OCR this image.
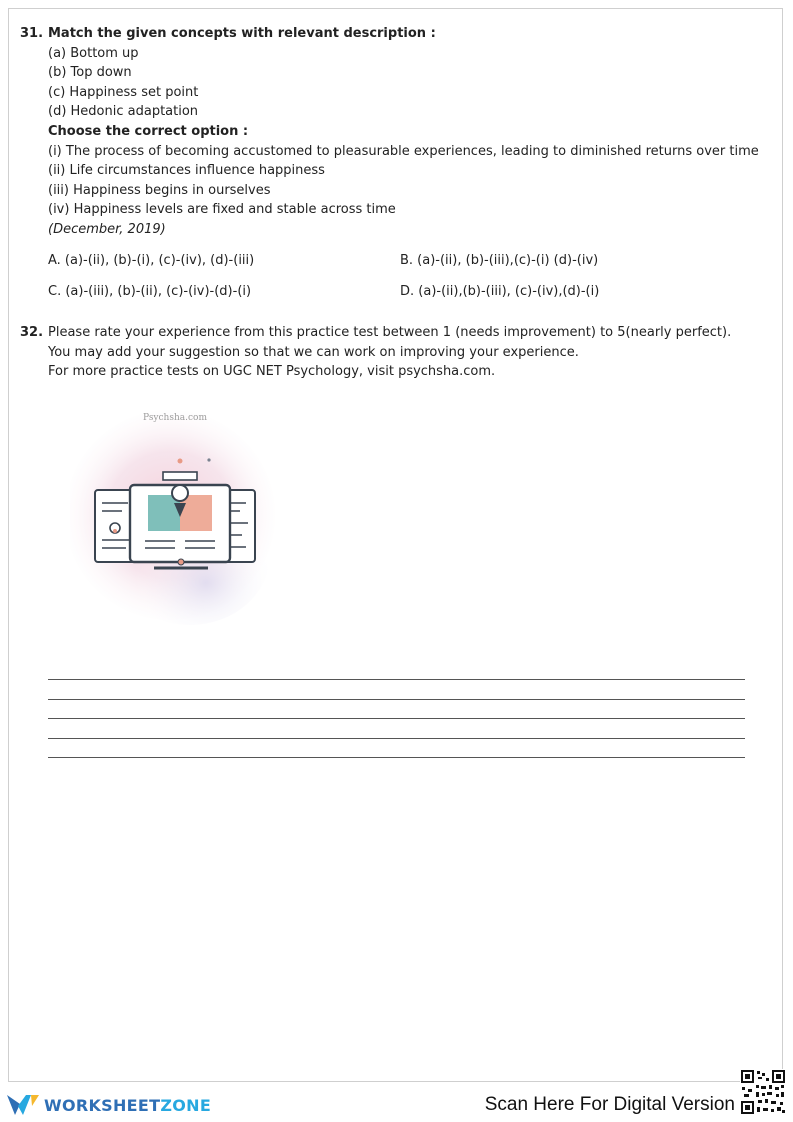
31. Match the given concepts with relevant description :
(a) Bottom up
(b) Top down
(c) Happiness set point
(d) Hedonic adaptation
Choose the correct option :
(i) The process of becoming accustomed to pleasurable experiences, leading to diminished returns over time
(ii) Life circumstances influence happiness
(iii) Happiness begins in ourselves
(iv) Happiness levels are fixed and stable across time
(December, 2019)
A. (a)-(ii), (b)-(i), (c)-(iv), (d)-(iii)	B. (a)-(ii), (b)-(iii),(c)-(i) (d)-(iv)
C. (a)-(iii), (b)-(ii), (c)-(iv)-(d)-(i)	D. (a)-(ii),(b)-(iii), (c)-(iv),(d)-(i)
32. Please rate your experience from this practice test between 1 (needs improvement) to 5(nearly perfect).
You may add your suggestion so that we can work on improving your experience.
For more practice tests on UGC NET Psychology, visit psychsha.com.
Psychsha.com
WORKSHEETZONE	Scan Here For Digital Version
